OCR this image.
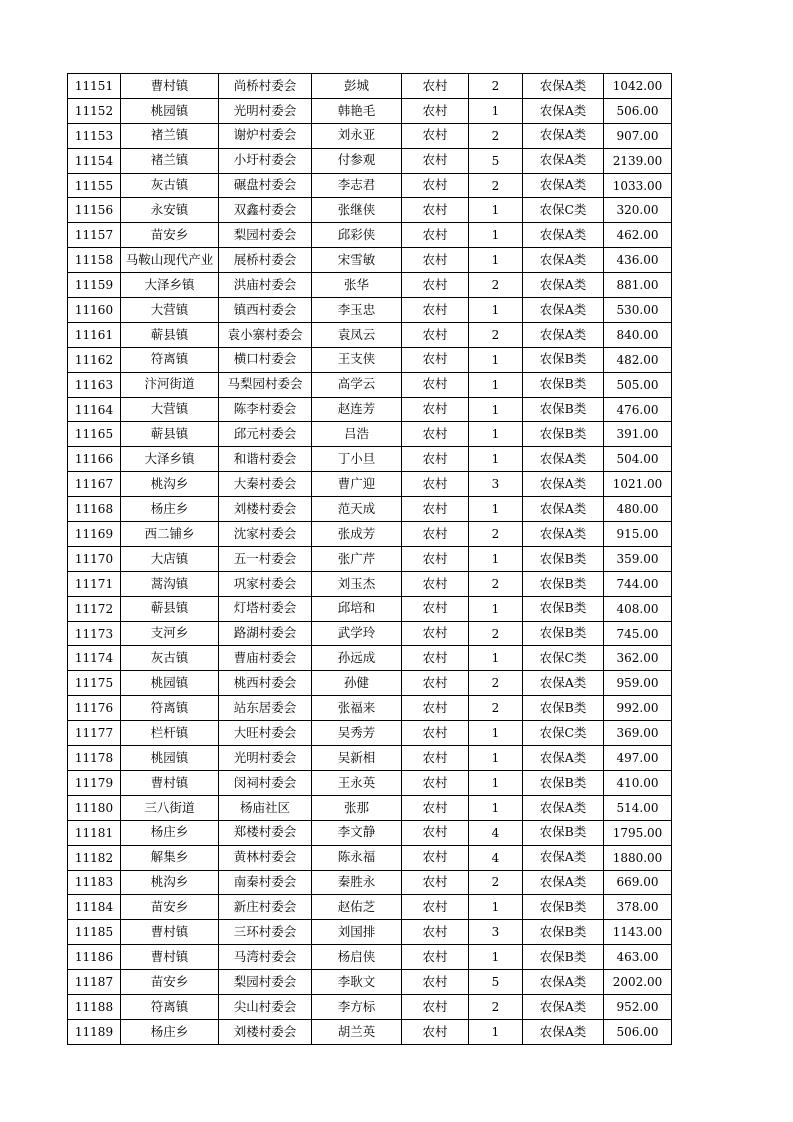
11151	曹村镇	尚桥村委会	彭城	农村	2	农保A类	1042.00
11152	桃园镇	光明村委会	韩艳毛	农村	1	农保A类	506.00
11153	褚兰镇	谢炉村委会	刘永亚	农村	2	农保A类	907.00
11154	褚兰镇	小圩村委会	付参观	农村	5	农保A类	2139.00
11155	灰古镇	碾盘村委会	李志君	农村	2	农保A类	1033.00
11156	永安镇	双鑫村委会	张继侠	农村	1	农保C类	320.00
11157	苗安乡	梨园村委会	邱彩侠	农村	1	农保A类	462.00
11158	马鞍山现代产业	展桥村委会	宋雪敏	农村	1	农保A类	436.00
11159	大泽乡镇	洪庙村委会	张华	农村	2	农保A类	881.00
11160	大营镇	镇西村委会	李玉忠	农村	1	农保A类	530.00
11161	蕲县镇	袁小寨村委会	袁凤云	农村	2	农保A类	840.00
11162	符离镇	横口村委会	王支侠	农村	1	农保B类	482.00
11163	汴河街道	马梨园村委会	高学云	农村	1	农保B类	505.00
11164	大营镇	陈李村委会	赵连芳	农村	1	农保B类	476.00
11165	蕲县镇	邱元村委会	吕浩	农村	1	农保B类	391.00
11166	大泽乡镇	和谐村委会	丁小旦	农村	1	农保A类	504.00
11167	桃沟乡	大秦村委会	曹广迎	农村	3	农保A类	1021.00
11168	杨庄乡	刘楼村委会	范天成	农村	1	农保A类	480.00
11169	西二铺乡	沈家村委会	张成芳	农村	2	农保A类	915.00
11170	大店镇	五一村委会	张广芹	农村	1	农保B类	359.00
11171	蒿沟镇	巩家村委会	刘玉杰	农村	2	农保B类	744.00
11172	蕲县镇	灯塔村委会	邱培和	农村	1	农保B类	408.00
11173	支河乡	路湖村委会	武学玲	农村	2	农保B类	745.00
11174	灰古镇	曹庙村委会	孙远成	农村	1	农保C类	362.00
11175	桃园镇	桃西村委会	孙健	农村	2	农保A类	959.00
11176	符离镇	站东居委会	张福来	农村	2	农保B类	992.00
11177	栏杆镇	大旺村委会	吴秀芳	农村	1	农保C类	369.00
11178	桃园镇	光明村委会	吴新相	农村	1	农保A类	497.00
11179	曹村镇	闵祠村委会	王永英	农村	1	农保B类	410.00
11180	三八街道	杨庙社区	张那	农村	1	农保A类	514.00
11181	杨庄乡	郑楼村委会	李文静	农村	4	农保B类	1795.00
11182	解集乡	黄林村委会	陈永福	农村	4	农保A类	1880.00
11183	桃沟乡	南秦村委会	秦胜永	农村	2	农保A类	669.00
11184	苗安乡	新庄村委会	赵佑芝	农村	1	农保B类	378.00
11185	曹村镇	三环村委会	刘国排	农村	3	农保B类	1143.00
11186	曹村镇	马湾村委会	杨启侠	农村	1	农保B类	463.00
11187	苗安乡	梨园村委会	李耿文	农村	5	农保A类	2002.00
11188	符离镇	尖山村委会	李方标	农村	2	农保A类	952.00
11189	杨庄乡	刘楼村委会	胡兰英	农村	1	农保A类	506.00
